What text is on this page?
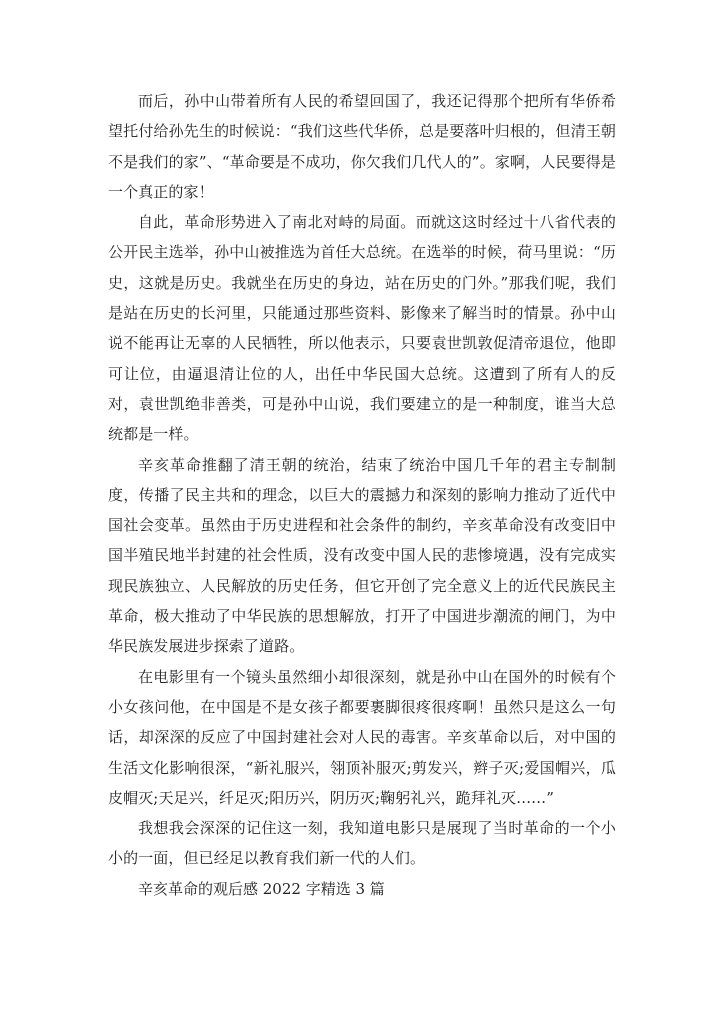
而后，孙中山带着所有人民的希望回国了，我还记得那个把所有华侨希望托付给孙先生的时候说：“我们这些代华侨，总是要落叶归根的，但清王朝不是我们的家”、“革命要是不成功，你欠我们几代人的”。家啊，人民要得是一个真正的家！

自此，革命形势进入了南北对峙的局面。而就这这时经过十八省代表的公开民主选举，孙中山被推选为首任大总统。在选举的时候，荷马里说：“历史，这就是历史。我就坐在历史的身边，站在历史的门外。”那我们呢，我们是站在历史的长河里，只能通过那些资料、影像来了解当时的情景。孙中山说不能再让无辜的人民牺牲，所以他表示，只要袁世凯敦促清帝退位，他即可让位，由逼退清让位的人，出任中华民国大总统。这遭到了所有人的反对，袁世凯绝非善类，可是孙中山说，我们要建立的是一种制度，谁当大总统都是一样。

辛亥革命推翻了清王朝的统治，结束了统治中国几千年的君主专制制度，传播了民主共和的理念，以巨大的震撼力和深刻的影响力推动了近代中国社会变革。虽然由于历史进程和社会条件的制约，辛亥革命没有改变旧中国半殖民地半封建的社会性质，没有改变中国人民的悲惨境遇，没有完成实现民族独立、人民解放的历史任务，但它开创了完全意义上的近代民族民主革命，极大推动了中华民族的思想解放，打开了中国进步潮流的闸门，为中华民族发展进步探索了道路。

在电影里有一个镜头虽然细小却很深刻，就是孙中山在国外的时候有个小女孩问他，在中国是不是女孩子都要裹脚很疼很疼啊！虽然只是这么一句话，却深深的反应了中国封建社会对人民的毒害。辛亥革命以后，对中国的生活文化影响很深，“新礼服兴，翎顶补服灭;剪发兴，辫子灭;爱国帽兴，瓜皮帽灭;天足兴，纤足灭;阳历兴，阴历灭;鞠躬礼兴，跪拜礼灭……”

我想我会深深的记住这一刻，我知道电影只是展现了当时革命的一个小小的一面，但已经足以教育我们新一代的人们。

辛亥革命的观后感 2022 字精选 3 篇
